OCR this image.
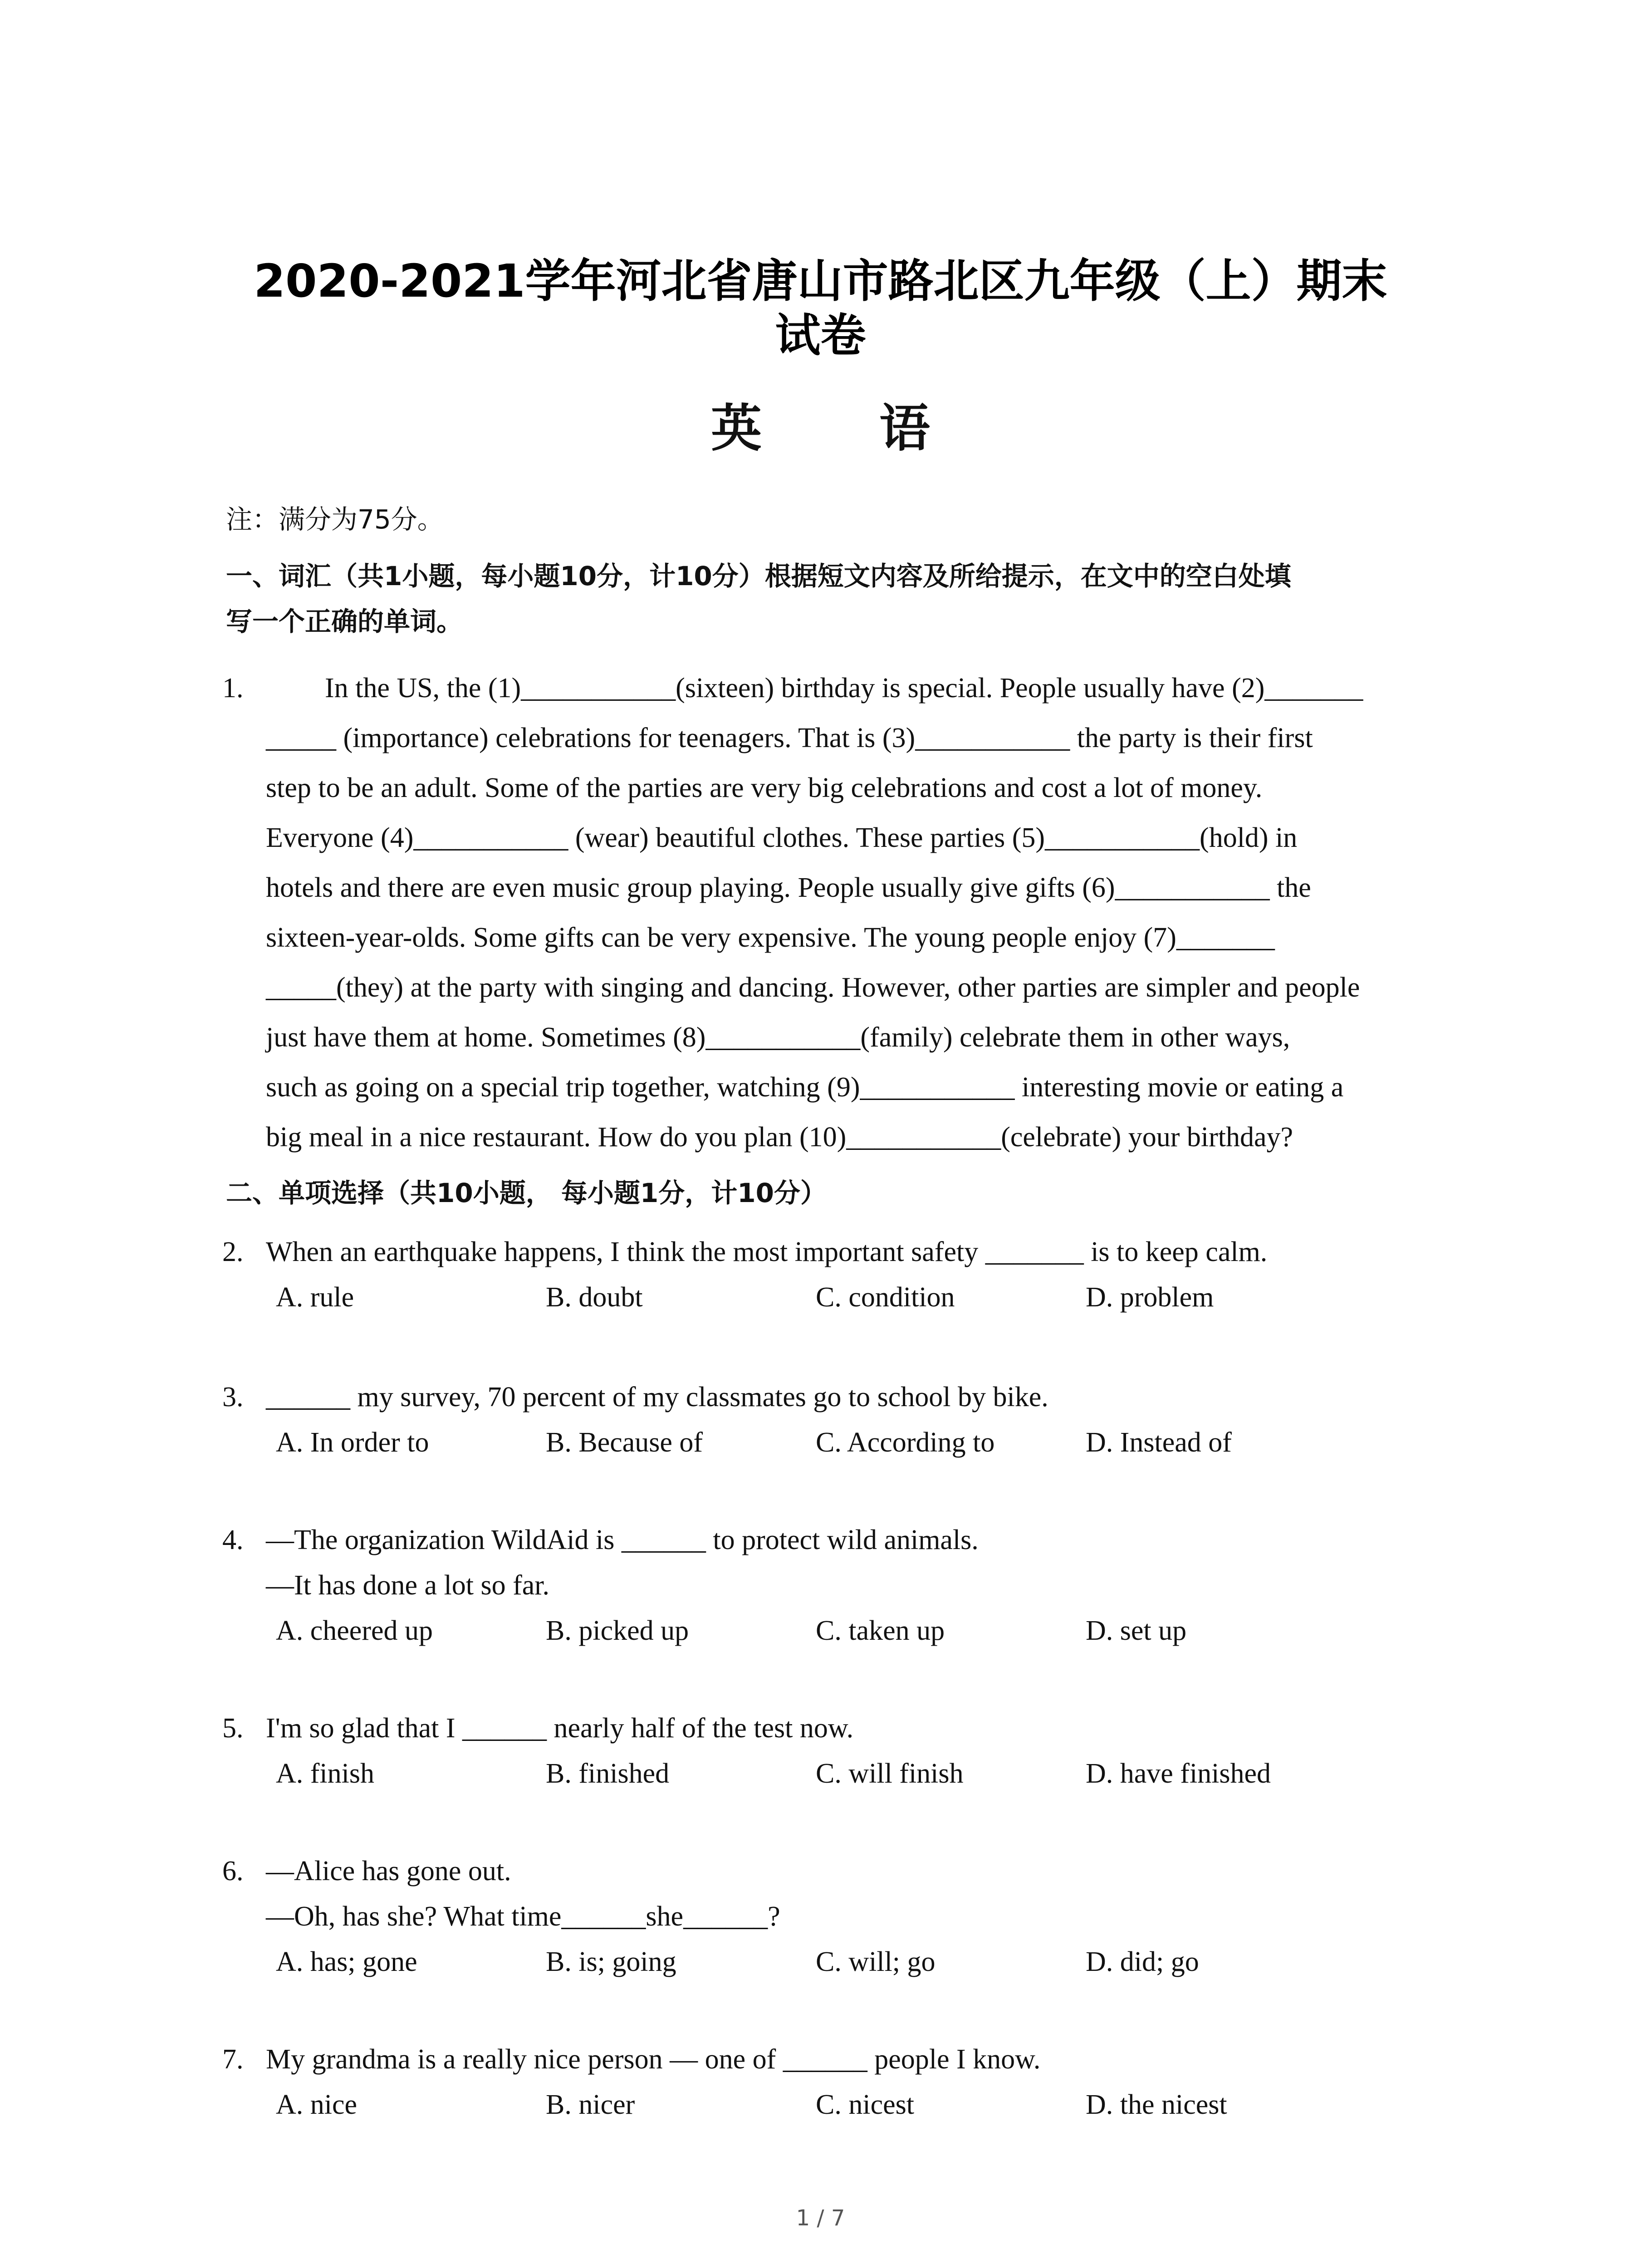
2020-2021学年河北省唐山市路北区九年级（上）期末
试卷
英 语
注：满分为75分。
一、词汇（共1小题，每小题10分，计10分）根据短文内容及所给提示，在文中的空白处填
写一个正确的单词。
1.	In the US, the (1)___________(sixteen) birthday is special. People usually have (2)_______
_____ (importance) celebrations for teenagers. That is (3)___________ the party is their first
step to be an adult. Some of the parties are very big celebrations and cost a lot of money.
Everyone (4)___________ (wear) beautiful clothes. These parties (5)___________(hold) in
hotels and there are even music group playing. People usually give gifts (6)___________ the
sixteen-year-olds. Some gifts can be very expensive. The young people enjoy (7)_______
_____(they) at the party with singing and dancing. However, other parties are simpler and people
just have them at home. Sometimes (8)___________(family) celebrate them in other ways,
such as going on a special trip together, watching (9)___________ interesting movie or eating a
big meal in a nice restaurant. How do you plan (10)___________(celebrate) your birthday?
二、单项选择（共10小题， 每小题1分，计10分）
2. When an earthquake happens, I think the most important safety _______ is to keep calm.
A. rule	B. doubt	C. condition	D. problem
3. ______ my survey, 70 percent of my classmates go to school by bike.
A. In order to	B. Because of	C. According to	D. Instead of
4. —The organization WildAid is ______ to protect wild animals.
—It has done a lot so far.
A. cheered up	B. picked up	C. taken up	D. set up
5. I'm so glad that I ______ nearly half of the test now.
A. finish	B. finished	C. will finish	D. have finished
6. —Alice has gone out.
—Oh, has she? What time______she______?
A. has; gone	B. is; going	C. will; go	D. did; go
7. My grandma is a really nice person — one of ______ people I know.
A. nice	B. nicer	C. nicest	D. the nicest
1 / 7
